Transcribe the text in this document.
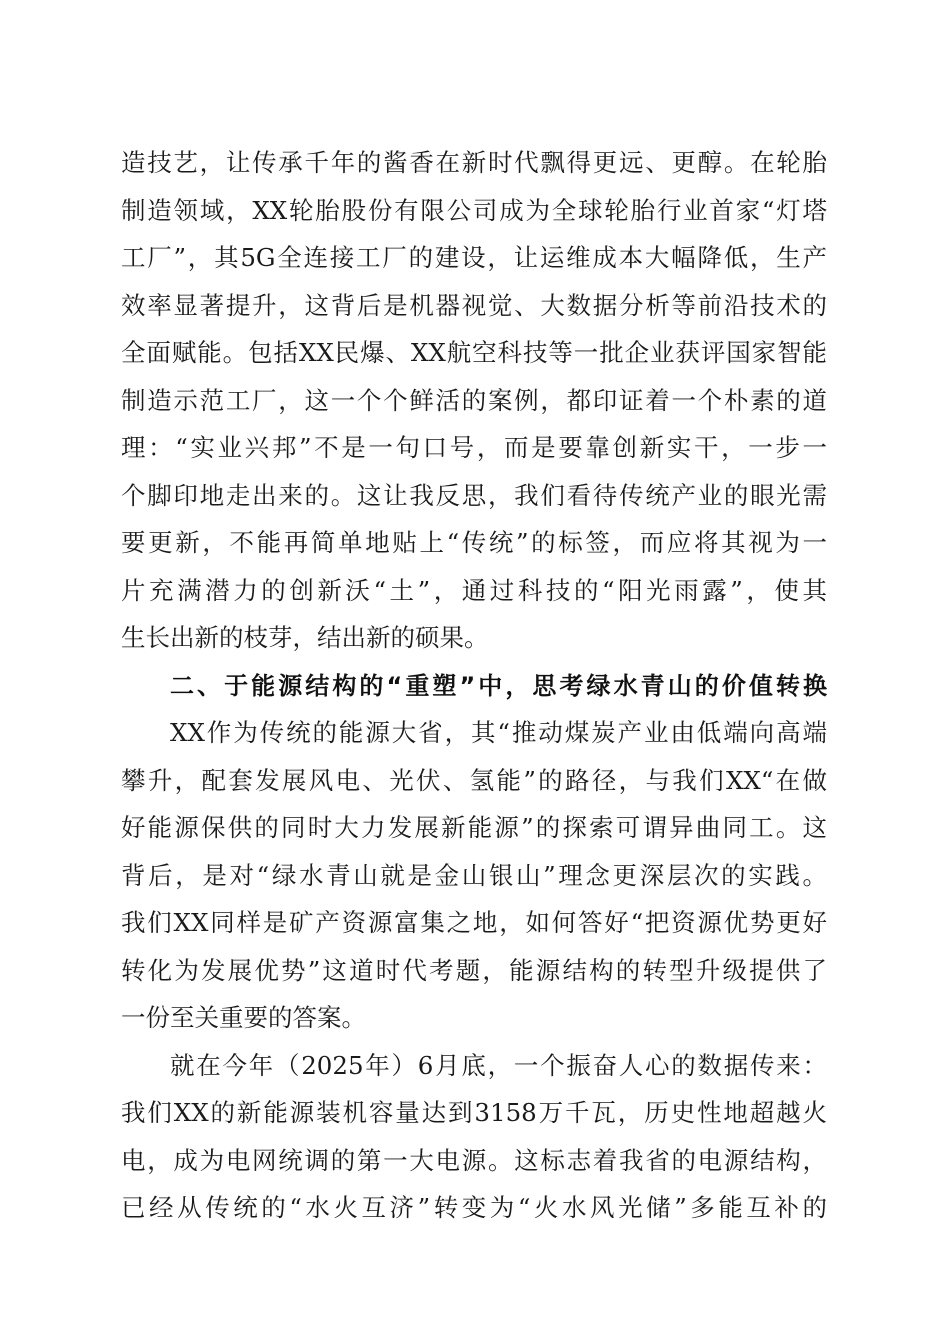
造技艺，让传承千年的酱香在新时代飘得更远、更醇。在轮胎
制造领域，XX轮胎股份有限公司成为全球轮胎行业首家“灯塔
工厂”，其5G全连接工厂的建设，让运维成本大幅降低，生产
效率显著提升，这背后是机器视觉、大数据分析等前沿技术的
全面赋能。包括XX民爆、XX航空科技等一批企业获评国家智能
制造示范工厂，这一个个鲜活的案例，都印证着一个朴素的道
理：“实业兴邦”不是一句口号，而是要靠创新实干，一步一
个脚印地走出来的。这让我反思，我们看待传统产业的眼光需
要更新，不能再简单地贴上“传统”的标签，而应将其视为一
片充满潜力的创新沃“土”，通过科技的“阳光雨露”，使其
生长出新的枝芽，结出新的硕果。
二、于能源结构的“重塑”中，思考绿水青山的价值转换
XX作为传统的能源大省，其“推动煤炭产业由低端向高端
攀升，配套发展风电、光伏、氢能”的路径，与我们XX“在做
好能源保供的同时大力发展新能源”的探索可谓异曲同工。这
背后，是对“绿水青山就是金山银山”理念更深层次的实践。
我们XX同样是矿产资源富集之地，如何答好“把资源优势更好
转化为发展优势”这道时代考题，能源结构的转型升级提供了
一份至关重要的答案。
就在今年（2025年）6月底，一个振奋人心的数据传来：
我们XX的新能源装机容量达到3158万千瓦，历史性地超越火
电，成为电网统调的第一大电源。这标志着我省的电源结构，
已经从传统的“水火互济”转变为“火水风光储”多能互补的
